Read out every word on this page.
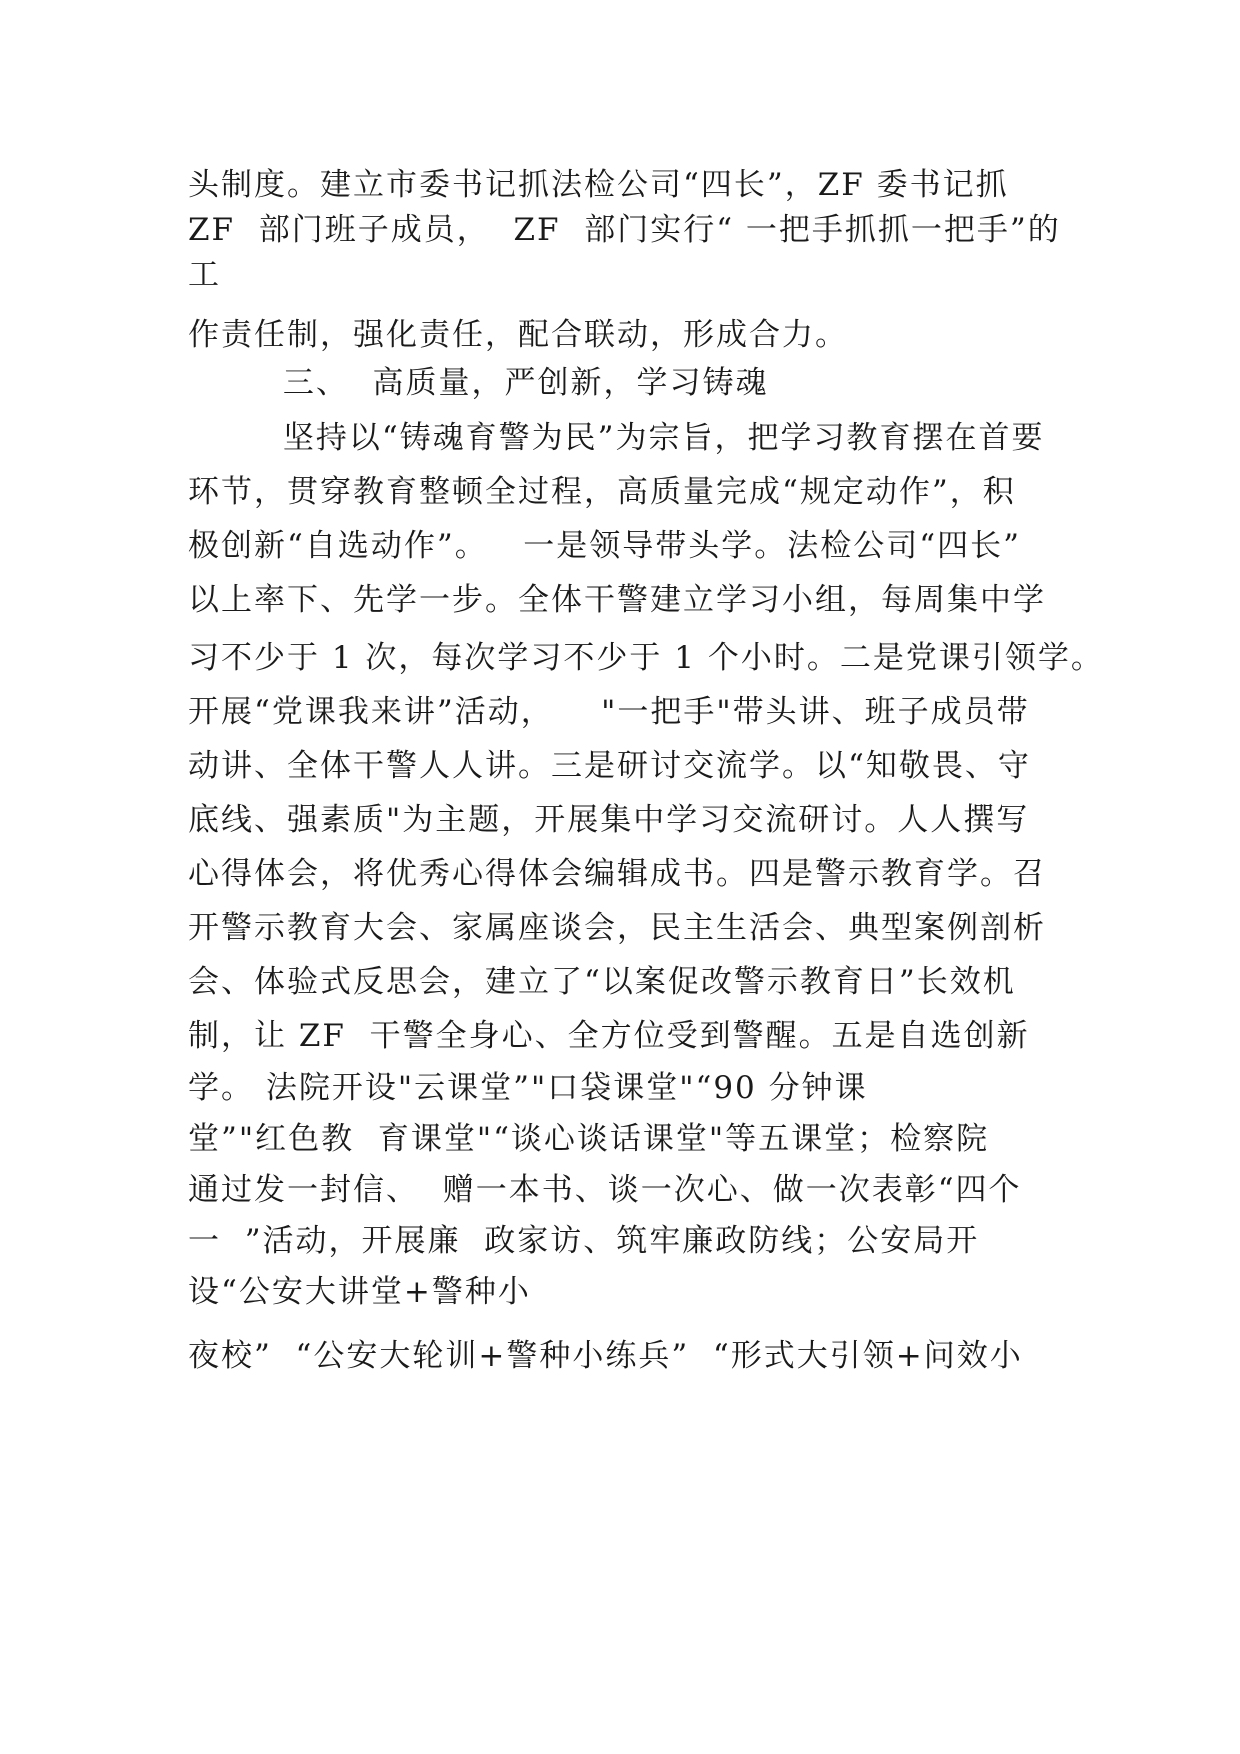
头制度。建立市委书记抓法检公司“四长”，ZF 委书记抓
ZF  部门班子成员，  ZF  部门实行“ 一把手抓抓一把手”的
工
作责任制，强化责任，配合联动，形成合力。
三、  高质量，严创新，学习铸魂
坚持以“铸魂育警为民”为宗旨，把学习教育摆在首要
环节，贯穿教育整顿全过程，高质量完成“规定动作”，积
极创新“自选动作”。   一是领导带头学。法检公司“四长”
以上率下、先学一步。全体干警建立学习小组，每周集中学
习不少于 1 次，每次学习不少于 1 个小时。二是党课引领学。
开展“党课我来讲”活动，    "一把手"带头讲、班子成员带
动讲、全体干警人人讲。三是研讨交流学。以“知敬畏、守
底线、强素质"为主题，开展集中学习交流研讨。人人撰写
心得体会，将优秀心得体会编辑成书。四是警示教育学。召
开警示教育大会、家属座谈会，民主生活会、典型案例剖析
会、体验式反思会，建立了“以案促改警示教育日”长效机
制，让 ZF  干警全身心、全方位受到警醒。五是自选创新
学。 法院开设"云课堂”"口袋课堂"“90 分钟课
堂”"红色教  育课堂"“谈心谈话课堂"等五课堂；检察院
通过发一封信、  赠一本书、谈一次心、做一次表彰“四个
一  ”活动，开展廉  政家访、筑牢廉政防线；公安局开
设“公安大讲堂+警种小
夜校”  “公安大轮训+警种小练兵”  “形式大引领+问效小
